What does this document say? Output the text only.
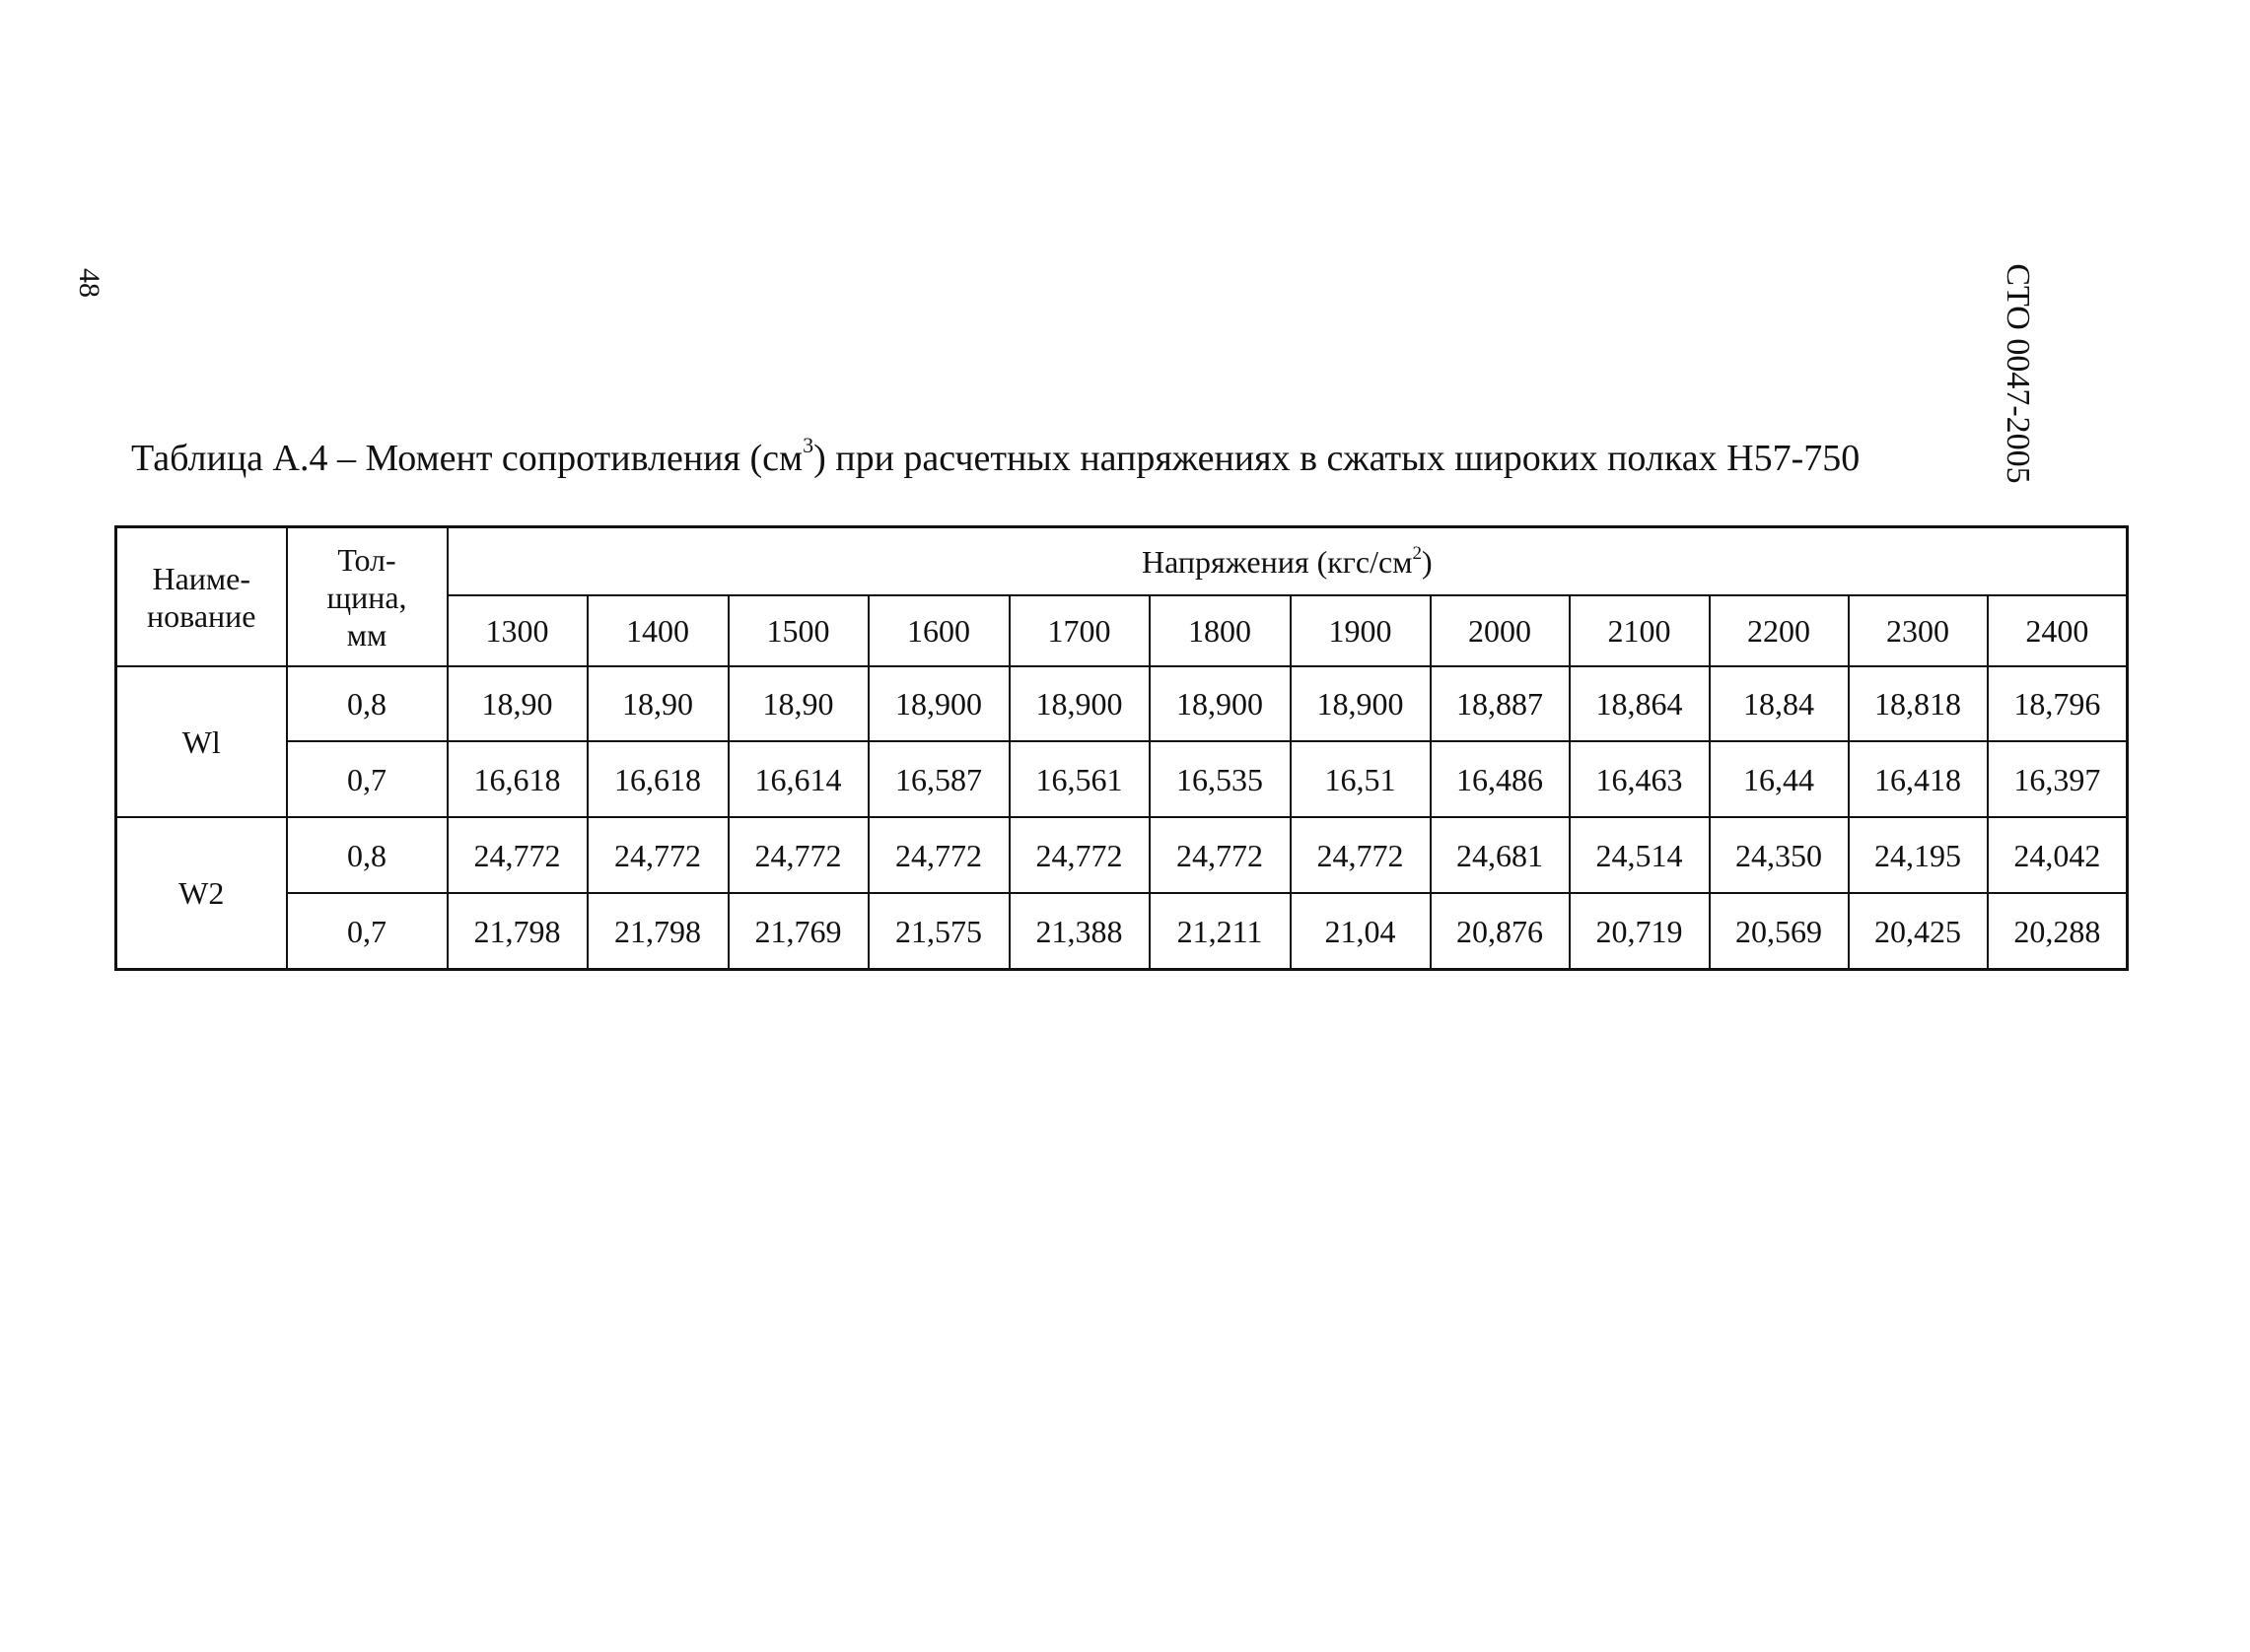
48	СТО 0047-2005
Таблица А.4 – Момент сопротивления $(см^3)$ при расчетных напряжениях в сжатых широких полках Н57-750
Наиме-
нование	Тол-
щина,
мм	Напряжения $(кгс/см^2)$											
		1300	1400	1500	1600	1700	1800	1900	2000	2100	2200	2300	2400
Wl	0,8	18,90	18,90	18,90	18,900	18,900	18,900	18,900	18,887	18,864	18,84	18,818	18,796
	0,7	16,618	16,618	16,614	16,587	16,561	16,535	16,51	16,486	16,463	16,44	16,418	16,397
W2	0,8	24,772	24,772	24,772	24,772	24,772	24,772	24,772	24,681	24,514	24,350	24,195	24,042
	0,7	21,798	21,798	21,769	21,575	21,388	21,211	21,04	20,876	20,719	20,569	20,425	20,288
